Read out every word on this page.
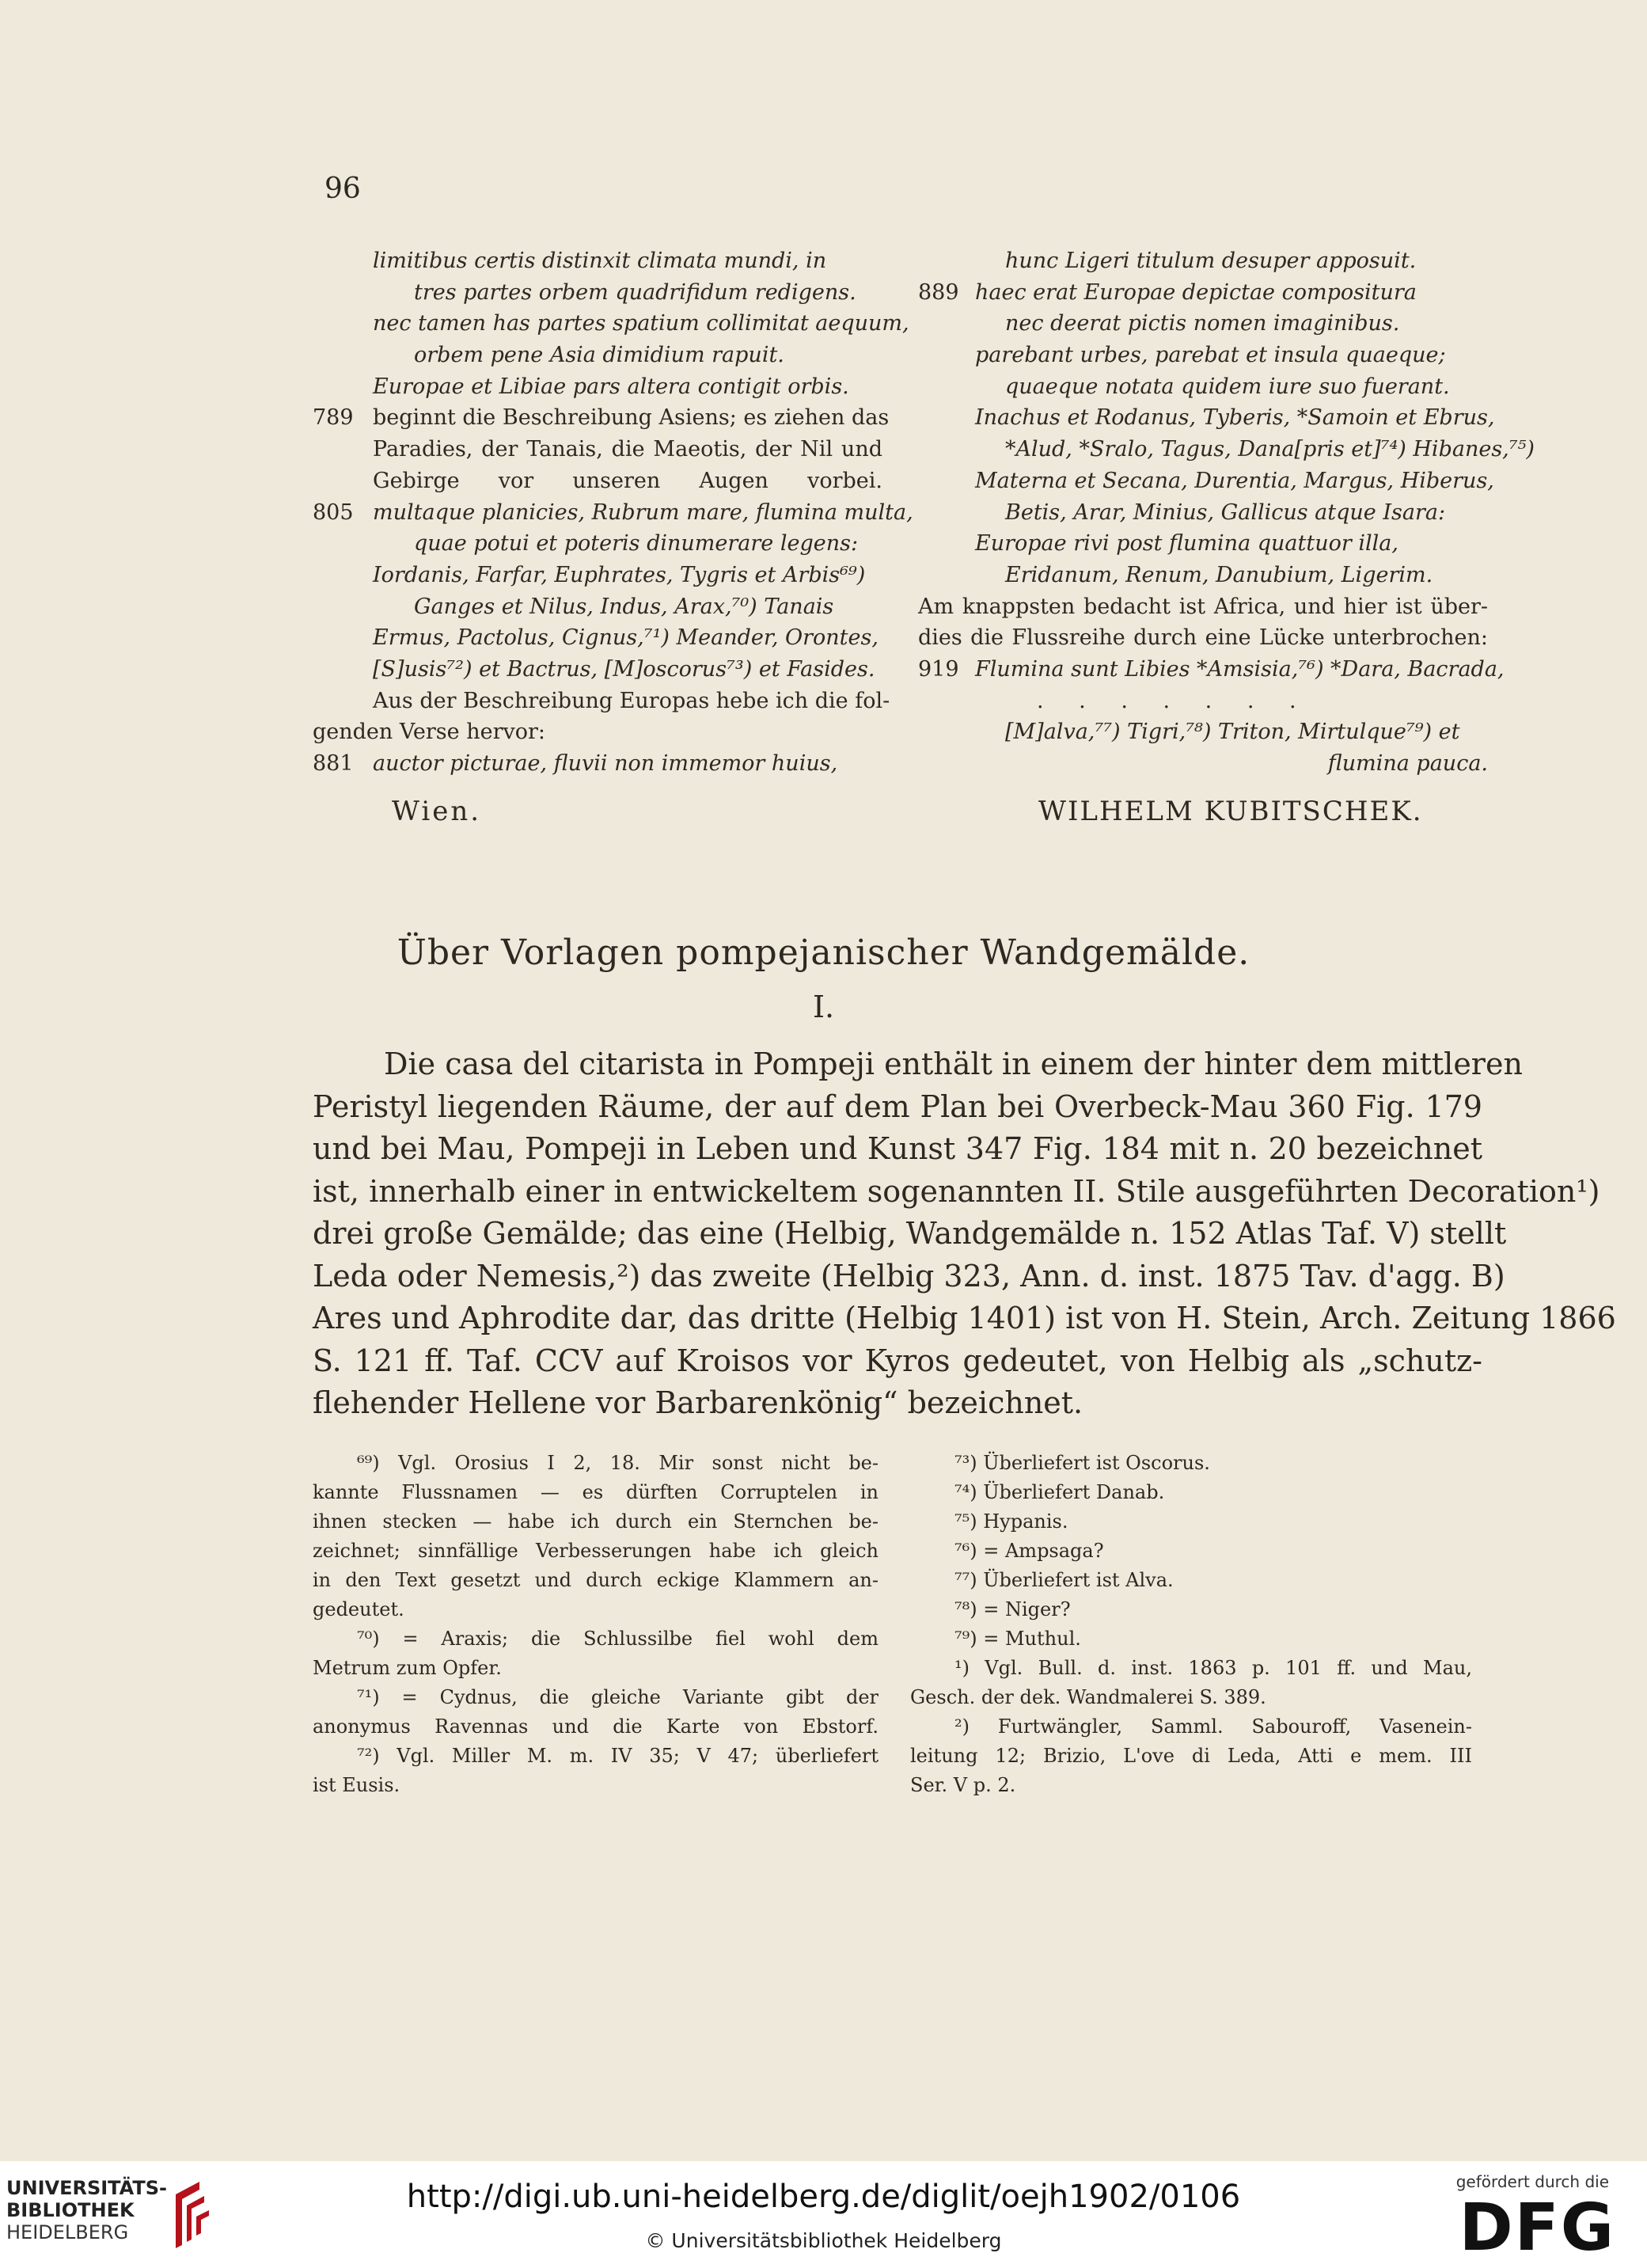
96
limitibus certis distinxit climata mundi, in
tres partes orbem quadrifidum redigens.
nec tamen has partes spatium collimitat aequum,
orbem pene Asia dimidium rapuit.
Europae et Libiae pars altera contigit orbis.
789 beginnt die Beschreibung Asiens; es ziehen das
Paradies, der Tanais, die Maeotis, der Nil und
Gebirge vor unseren Augen vorbei.
805 multaque planicies, Rubrum mare, flumina multa,
quae potui et poteris dinumerare legens:
Iordanis, Farfar, Euphrates, Tygris et Arbis⁶⁹)
Ganges et Nilus, Indus, Arax,⁷⁰) Tanais
Ermus, Pactolus, Cignus,⁷¹) Meander, Orontes,
[S]usis⁷²) et Bactrus, [M]oscorus⁷³) et Fasides.
Aus der Beschreibung Europas hebe ich die fol-
genden Verse hervor:
881 auctor picturae, fluvii non immemor huius,
hunc Ligeri titulum desuper apposuit.
889 haec erat Europae depictae compositura
nec deerat pictis nomen imaginibus.
parebant urbes, parebat et insula quaeque;
quaeque notata quidem iure suo fuerant.
Inachus et Rodanus, Tyberis, *Samoin et Ebrus,
*Alud, *Sralo, Tagus, Dana[pris et]⁷⁴) Hibanes,⁷⁵)
Materna et Secana, Durentia, Margus, Hiberus,
Betis, Arar, Minius, Gallicus atque Isara:
Europae rivi post flumina quattuor illa,
Eridanum, Renum, Danubium, Ligerim.
Am knappsten bedacht ist Africa, und hier ist über-
dies die Flussreihe durch eine Lücke unterbrochen:
919 Flumina sunt Libies *Amsisia,⁷⁶) *Dara, Bacrada,
. . . . . . .
[M]alva,⁷⁷) Tigri,⁷⁸) Triton, Mirtulque⁷⁹) et
flumina pauca.
Wien.	WILHELM KUBITSCHEK.
Über Vorlagen pompejanischer Wandgemälde.
I.
Die casa del citarista in Pompeji enthält in einem der hinter dem mittleren
Peristyl liegenden Räume, der auf dem Plan bei Overbeck-Mau 360 Fig. 179
und bei Mau, Pompeji in Leben und Kunst 347 Fig. 184 mit n. 20 bezeichnet
ist, innerhalb einer in entwickeltem sogenannten II. Stile ausgeführten Decoration¹)
drei große Gemälde; das eine (Helbig, Wandgemälde n. 152 Atlas Taf. V) stellt
Leda oder Nemesis,²) das zweite (Helbig 323, Ann. d. inst. 1875 Tav. d'agg. B)
Ares und Aphrodite dar, das dritte (Helbig 1401) ist von H. Stein, Arch. Zeitung 1866
S. 121 ff. Taf. CCV auf Kroisos vor Kyros gedeutet, von Helbig als „schutz-
flehender Hellene vor Barbarenkönig“ bezeichnet.
⁶⁹) Vgl. Orosius I 2, 18. Mir sonst nicht be-
kannte Flussnamen — es dürften Corruptelen in
ihnen stecken — habe ich durch ein Sternchen be-
zeichnet; sinnfällige Verbesserungen habe ich gleich
in den Text gesetzt und durch eckige Klammern an-
gedeutet.
⁷⁰) = Araxis; die Schlussilbe fiel wohl dem
Metrum zum Opfer.
⁷¹) = Cydnus, die gleiche Variante gibt der
anonymus Ravennas und die Karte von Ebstorf.
⁷²) Vgl. Miller M. m. IV 35; V 47; überliefert
ist Eusis.
⁷³) Überliefert ist Oscorus.
⁷⁴) Überliefert Danab.
⁷⁵) Hypanis.
⁷⁶) = Ampsaga?
⁷⁷) Überliefert ist Alva.
⁷⁸) = Niger?
⁷⁹) = Muthul.
¹) Vgl. Bull. d. inst. 1863 p. 101 ff. und Mau,
Gesch. der dek. Wandmalerei S. 389.
²) Furtwängler, Samml. Sabouroff, Vasenein-
leitung 12; Brizio, L'ove di Leda, Atti e mem. III
Ser. V p. 2.
UNIVERSITÄTS-
BIBLIOTHEK
HEIDELBERG
http://digi.ub.uni-heidelberg.de/diglit/oejh1902/0106
© Universitätsbibliothek Heidelberg
gefördert durch die
DFG
